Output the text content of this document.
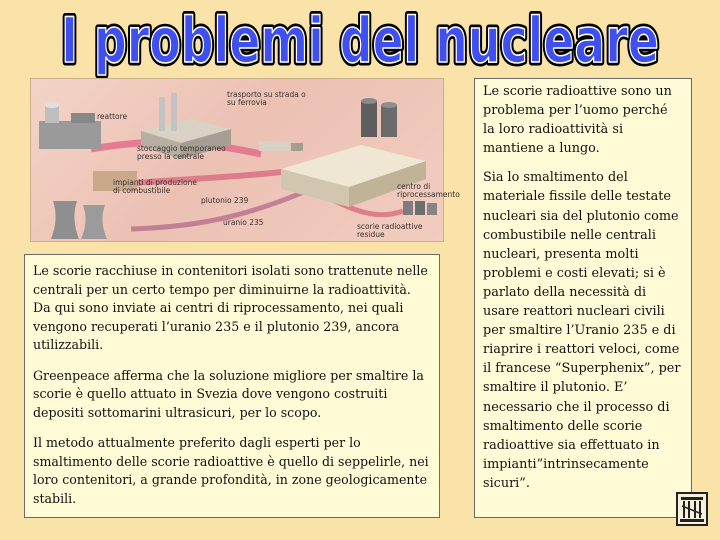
I problemi del nucleare
I problemi del nucleare
reattore
stoccaggio temporaneo
presso la centrale
trasporto su strada o
su ferrovia
impianti di produzione
di combustibile
plutonio 239
uranio 235
centro di
riprocessamento
scorie radioattive
residue

Le scorie racchiuse in contenitori isolati sono trattenute nelle centrali per un certo tempo per diminuirne la radioattività. Da qui sono inviate ai centri di riprocessamento, nei quali vengono recuperati l’uranio 235 e il plutonio 239, ancora utilizzabili.

Greenpeace afferma che la soluzione migliore per smaltire la scorie è quello attuato in Svezia dove vengono costruiti depositi sottomarini ultrasicuri, per lo scopo.

Il metodo attualmente preferito dagli esperti per lo smaltimento delle scorie radioattive è quello di seppelirle, nei loro contenitori, a grande profondità, in zone geologicamente stabili.

Le scorie radioattive sono un problema per l’uomo perché la loro radioattività si mantiene a lungo.

Sia lo smaltimento del materiale fissile delle testate nucleari sia del plutonio come combustibile nelle centrali nucleari, presenta molti problemi e costi elevati; si è parlato della necessità di usare reattori nucleari civili per smaltire l’Uranio 235 e di riaprire i reattori veloci, come il francese “Superphenix”, per smaltire il plutonio. E’ necessario che il processo di smaltimento delle scorie radioattive sia effettuato in impianti”intrinsecamente sicuri”.
